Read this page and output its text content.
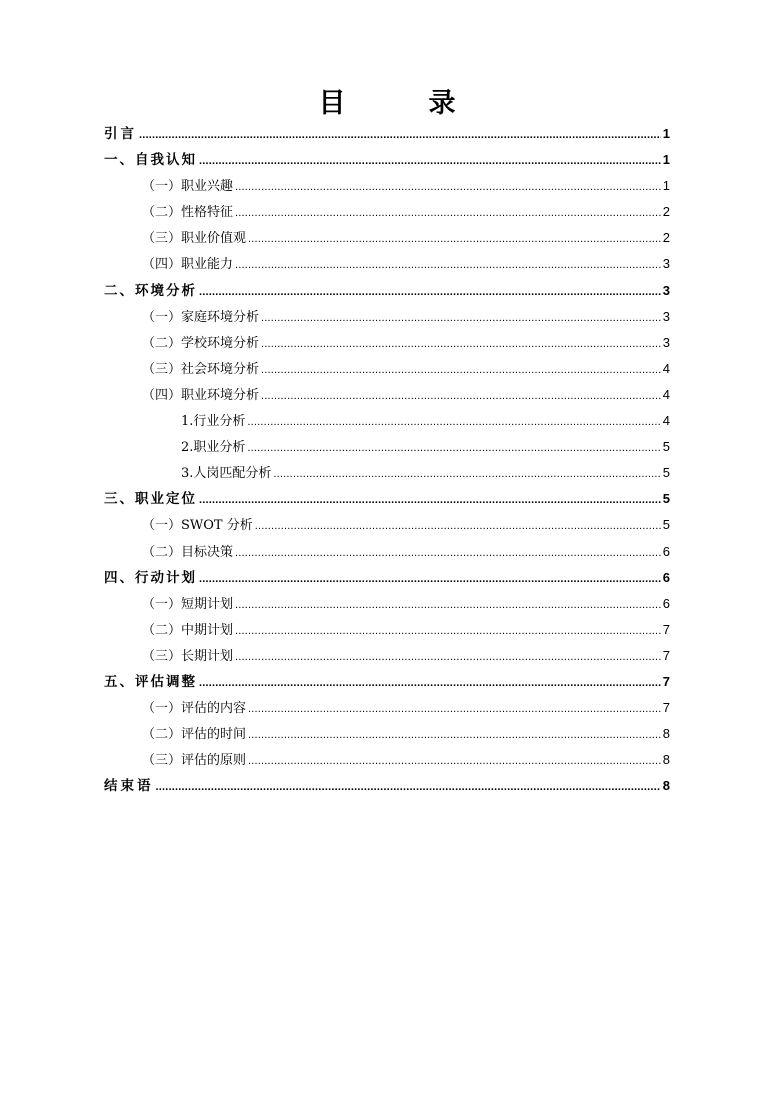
目　录
引言 .....	1
一、自我认知 .....	1
（一）职业兴趣 .....	1
（二）性格特征 .....	2
（三）职业价值观 .....	2
（四）职业能力 .....	3
二、环境分析 .....	3
（一）家庭环境分析 .....	3
（二）学校环境分析 .....	3
（三）社会环境分析 .....	4
（四）职业环境分析 .....	4
1.行业分析 .....	4
2.职业分析 .....	5
3.人岗匹配分析 .....	5
三、职业定位 .....	5
（一）SWOT 分析 .....	5
（二）目标决策 .....	6
四、行动计划 .....	6
（一）短期计划 .....	6
（二）中期计划 .....	7
（三）长期计划 .....	7
五、评估调整 .....	7
（一）评估的内容 .....	7
（二）评估的时间 .....	8
（三）评估的原则 .....	8
结束语 .....	8
